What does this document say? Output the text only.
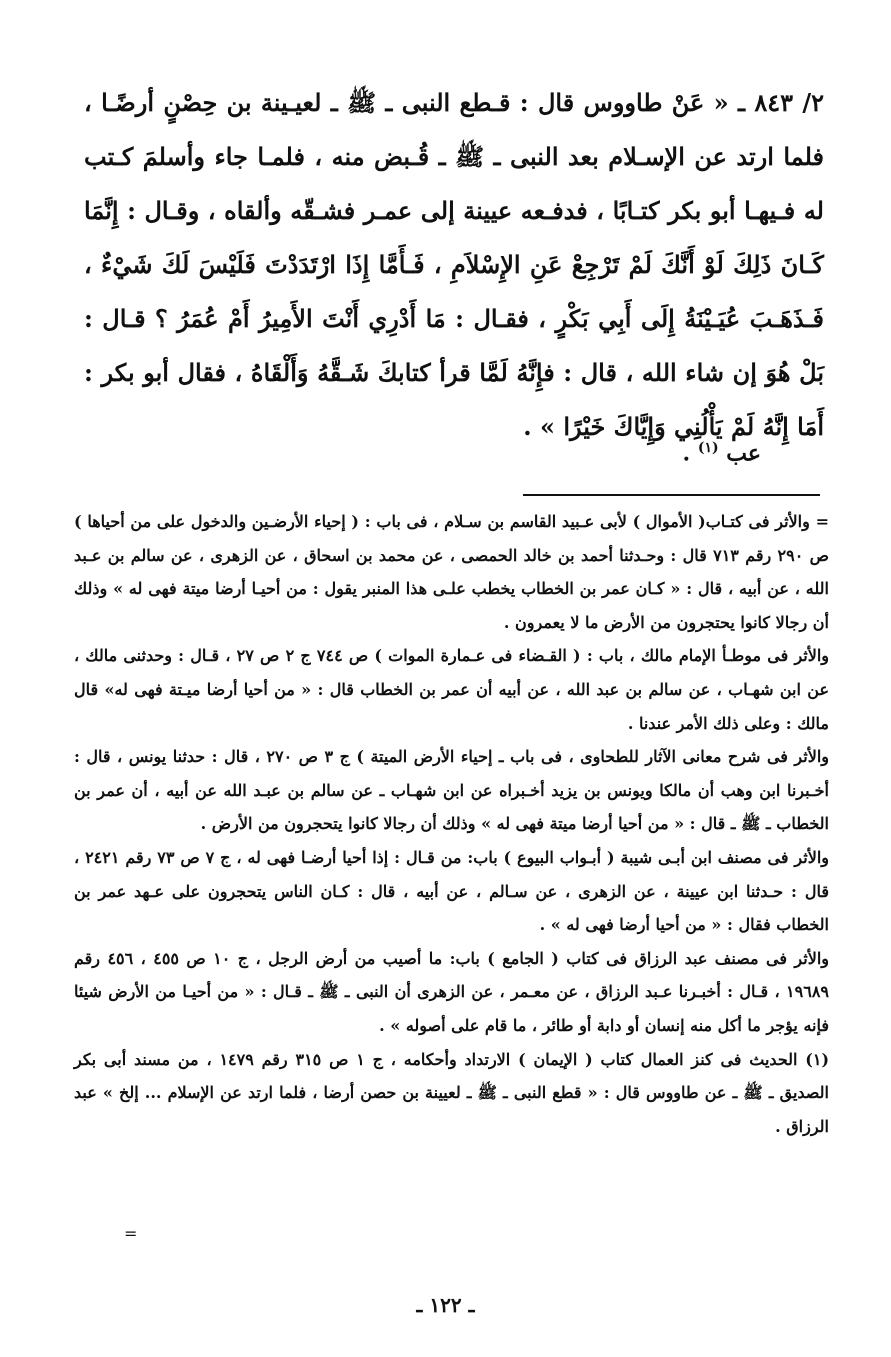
٢/ ٨٤٣ ـ « عَنْ طاووس قال : قـطع النبى ـ ﷺ ـ لعيـينة بن حِصْنٍ أرضًـا ، فلما ارتد عن الإسـلام بعد النبى ـ ﷺ ـ قُـبض منه ، فلمـا جاء وأسلمَ كـتب له فـيهـا أبو بكر كتـابًا ، فدفـعه عيينة إلى عمـر فشـقّه وألقاه ، وقـال : إِنَّمَا كَـانَ ذَلِكَ لَوْ أَنَّكَ لَمْ تَرْجِعْ عَنِ الإِسْلاَمِ ، فَـأَمَّا إِذَا ارْتَدَدْتَ فَلَيْسَ لَكَ شَيْءٌ ، فَـذَهَـبَ عُيَـيْنَةُ إِلَى أَبِي بَكْرٍ ، فقـال : مَا أَدْرِي أَنْتَ الأَمِيرُ أَمْ عُمَرُ ؟ قـال : بَلْ هُوَ إن شاء الله ، قال : فإِنَّهُ لَمَّا قرأ كتابكَ شَـقَّهُ وَأَلْقَاهُ ، فقال أبو بكر : أَمَا إِنَّهُ لَمْ يَأْلُنِي وَإِيَّاكَ خَيْرًا » .

عب $^{(١)}$ .

= والأثر فى كتـاب( الأموال ) لأبى عـبيد القاسم بن سـلام ، فى باب : ( إحياء الأرضـين والدخول على من أحياها ) ص ٢٩٠ رقم ٧١٣ قال : وحـدثنا أحمد بن خالد الحمصى ، عن محمد بن اسحاق ، عن الزهرى ، عن سالم بن عـبد الله ، عن أبيه ، قال : « كـان عمر بن الخطاب يخطب علـى هذا المنبر يقول : من أحيـا أرضا ميتة فهى له » وذلك أن رجالا كانوا يحتجرون من الأرض ما لا يعمرون .

والأثر فى موطـأ الإمام مالك ، باب : ( القـضاء فى عـمارة الموات ) ص ٧٤٤ ج ٢ ص ٢٧ ، قـال : وحدثنى مالك ، عن ابن شهـاب ، عن سالم بن عبد الله ، عن أبيه أن عمر بن الخطاب قال : « من أحيا أرضا ميـتة فهى له» قال مالك : وعلى ذلك الأمر عندنا .

والأثر فى شرح معانى الآثار للطحاوى ، فى باب ـ إحياء الأرض الميتة ) ج ٣ ص ٢٧٠ ، قال : حدثنا يونس ، قال : أخـبرنا ابن وهب أن مالكا ويونس بن يزيد أخـبراه عن ابن شهـاب ـ عن سالم بن عبـد الله عن أبيه ، أن عمر بن الخطاب ـ ﷺ ـ قال : « من أحيا أرضا ميتة فهى له » وذلك أن رجالا كانوا يتحجرون من الأرض .

والأثر فى مصنف ابن أبـى شيبة ( أبـواب البيوع ) باب: من قـال : إذا أحيا أرضـا فهى له ، ج ٧ ص ٧٣ رقم ٢٤٢١ ، قال : حـدثنا ابن عيينة ، عن الزهرى ، عن سـالم ، عن أبيه ، قال : كـان الناس يتحجرون على عـهد عمر بن الخطاب فقال : « من أحيا أرضا فهى له » .

والأثر فى مصنف عبد الرزاق فى كتاب ( الجامع ) باب: ما أصيب من أرض الرجل ، ج ١٠ ص ٤٥٥ ، ٤٥٦ رقم ١٩٦٨٩ ، قـال : أخبـرنا عـبد الرزاق ، عن معـمر ، عن الزهرى أن النبى ـ ﷺ ـ قـال : « من أحيـا من الأرض شيئا فإنه يؤجر ما أكل منه إنسان أو دابة أو طائر ، ما قام على أصوله » .

(١) الحديث فى كنز العمال كتاب ( الإيمان ) الارتداد وأحكامه ، ج ١ ص ٣١٥ رقم ١٤٧٩ ، من مسند أبى بكر الصديق ـ ﷺ ـ عن طاووس قال : « قطع النبى ـ ﷺ ـ لعيينة بن حصن أرضا ، فلما ارتد عن الإسلام ... إلخ » عبد الرزاق .

=
ـ ١٢٢ ـ
